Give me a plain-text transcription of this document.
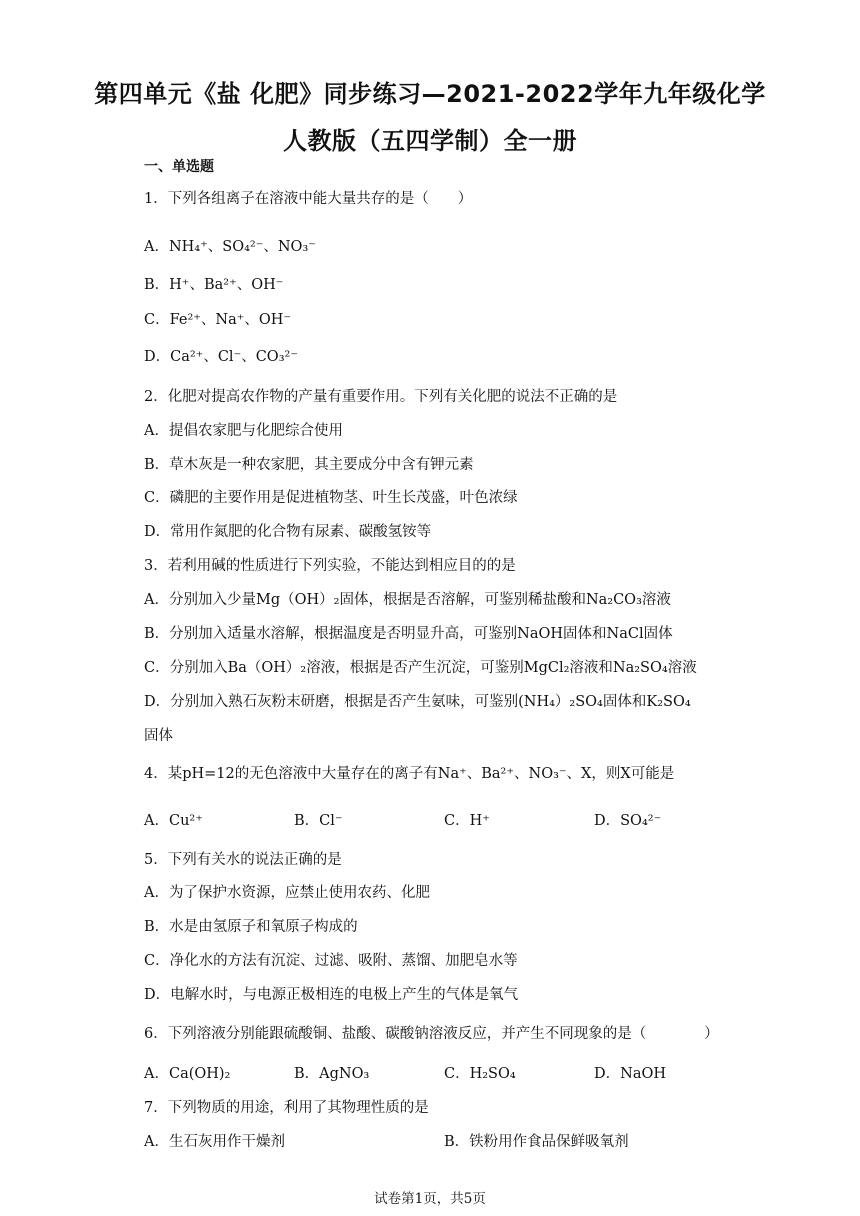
第四单元《盐 化肥》同步练习—2021-2022学年九年级化学
人教版（五四学制）全一册
一、单选题
1．下列各组离子在溶液中能大量共存的是（　　）
A．NH₄⁺、SO₄²⁻、NO₃⁻
B．H⁺、Ba²⁺、OH⁻
C．Fe²⁺、Na⁺、OH⁻
D．Ca²⁺、Cl⁻、CO₃²⁻
2．化肥对提高农作物的产量有重要作用。下列有关化肥的说法不正确的是
A．提倡农家肥与化肥综合使用
B．草木灰是一种农家肥，其主要成分中含有钾元素
C．磷肥的主要作用是促进植物茎、叶生长茂盛，叶色浓绿
D．常用作氮肥的化合物有尿素、碳酸氢铵等
3．若利用碱的性质进行下列实验，不能达到相应目的的是
A．分别加入少量Mg（OH）₂固体，根据是否溶解，可鉴别稀盐酸和Na₂CO₃溶液
B．分别加入适量水溶解，根据温度是否明显升高，可鉴别NaOH固体和NaCl固体
C．分别加入Ba（OH）₂溶液，根据是否产生沉淀，可鉴别MgCl₂溶液和Na₂SO₄溶液
D．分别加入熟石灰粉末研磨，根据是否产生氨味，可鉴别(NH₄）₂SO₄固体和K₂SO₄
固体
4．某pH=12的无色溶液中大量存在的离子有Na⁺、Ba²⁺、NO₃⁻、X，则X可能是
A．Cu²⁺	B．Cl⁻	C．H⁺	D．SO₄²⁻
5．下列有关水的说法正确的是
A．为了保护水资源，应禁止使用农药、化肥
B．水是由氢原子和氧原子构成的
C．净化水的方法有沉淀、过滤、吸附、蒸馏、加肥皂水等
D．电解水时，与电源正极相连的电极上产生的气体是氧气
6．下列溶液分别能跟硫酸铜、盐酸、碳酸钠溶液反应，并产生不同现象的是（　　　　）
A．Ca(OH)₂	B．AgNO₃	C．H₂SO₄	D．NaOH
7．下列物质的用途，利用了其物理性质的是
A．生石灰用作干燥剂	B．铁粉用作食品保鲜吸氧剂
试卷第1页，共5页
